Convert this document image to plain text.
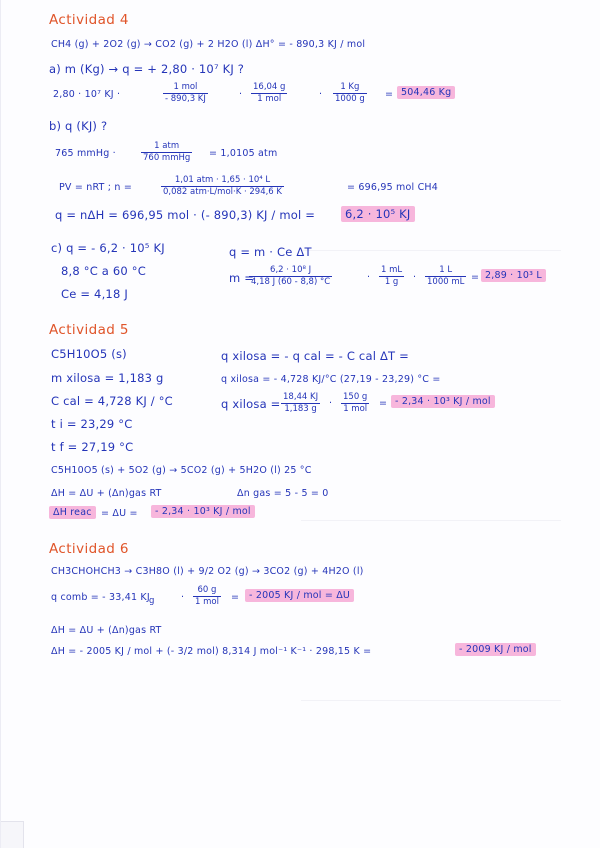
Actividad 4
CH4 (g) + 2O2 (g) → CO2 (g) + 2 H2O (l) ΔH° = - 890,3 KJ / mol
a) m (Kg) → q = + 2,80 · 10⁷ KJ ?
2,80 · 10⁷ KJ ·
1 mol
- 890,3 KJ	·
16,04 g
1 mol	· $\frac{1 Kg}{1000 g} = 504,46$ Kg
b) q (KJ) ?
765 mmHg ·
1 atm
760 mmHg = 1,0105 atm
PV = nRT ; n =
1,01 atm · 1,65 · 10⁴ L
0,082 atm·L/mol·K · 294,6 K	= 696,95 mol CH4
q = nΔH = 696,95 mol · (- 890,3) KJ / mol =	6,2 · 10⁵ KJ
c) q = - 6,2 · 10⁵ KJ
8,8 °C a 60 °C
Ce = 4,18 J
q = m · Ce ΔT
m =
$\frac{\text{6,2 · 10⁸ J}}{4,18 J (60 - 8,8) ^\circ C}$	· $\frac{1 mL}{1 g} \cdot \frac{1 L}{1000 mL} = 2,89 \cdot 10^3$ L
Actividad 5
C5H10O5 (s)
m xilosa = 1,183 g
C cal = 4,728 KJ / °C
t i = 23,29 °C
t f = 27,19 °C
q xilosa = - q cal = - C cal ΔT =
q xilosa = - 4,728 KJ/°C (27,19 - 23,29) °C =
q xilosa = $\frac{18,44 KJ}{1,183 g}$ ·
150 g
1 mol = - 2,34 · 10³ KJ / mol
C5H10O5 (s) + 5O2 (g) → 5CO2 (g) + 5H2O (l) 25 °C
ΔH = ΔU + (Δn)gas RT	Δn gas = 5 - 5 = 0
ΔH reac = ΔU =	- 2,34 · 10³ KJ / mol
Actividad 6
CH3CHOHCH3 → C3H8O (l) + 9/2 O2 (g) → 3CO2 (g) + 4H2O (l)
q comb = - 33,41 KJ g	·
60 g
1 mol =	- 2005 KJ / mol = ΔU
ΔH = ΔU + (Δn)gas RT
ΔH = - 2005 KJ / mol + (- 3/2 mol) 8,314 J mol⁻¹ K⁻¹ · 298,15 K =	- 2009 KJ / mol
